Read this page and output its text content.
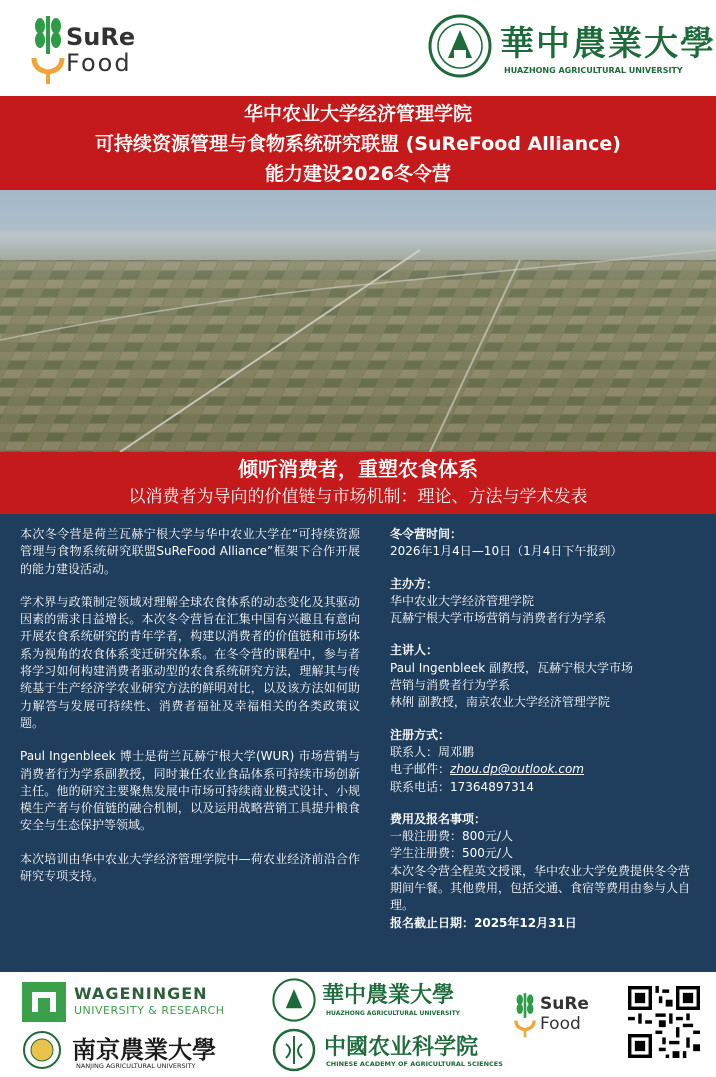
SuRe
Food	華中農業大學
HUAZHONG AGRICULTURAL UNIVERSITY
华中农业大学经济管理学院
可持续资源管理与食物系统研究联盟 (SuReFood Alliance)
能力建设2026冬令营
倾听消费者，重塑农食体系
以消费者为导向的价值链与市场机制：理论、方法与学术发表

本次冬令营是荷兰瓦赫宁根大学与华中农业大学在“可持续资源管理与食物系统研究联盟SuReFood Alliance”框架下合作开展的能力建设活动。

学术界与政策制定领域对理解全球农食体系的动态变化及其驱动因素的需求日益增长。本次冬令营旨在汇集中国有兴趣且有意向开展农食系统研究的青年学者，构建以消费者的价值链和市场体系为视角的农食体系变迁研究体系。在冬令营的课程中，参与者将学习如何构建消费者驱动型的农食系统研究方法，理解其与传统基于生产经济学农业研究方法的鲜明对比，以及该方法如何助力解答与发展可持续性、消费者福祉及幸福相关的各类政策议题。

Paul Ingenbleek 博士是荷兰瓦赫宁根大学(WUR) 市场营销与消费者行为学系副教授，同时兼任农业食品体系可持续市场创新主任。他的研究主要聚焦发展中市场可持续商业模式设计、小规模生产者与价值链的融合机制，以及运用战略营销工具提升粮食安全与生态保护等领域。

本次培训由华中农业大学经济管理学院中—荷农业经济前沿合作研究专项支持。

冬令营时间：
2026年1月4日—10日（1月4日下午报到）
主办方：
华中农业大学经济管理学院
瓦赫宁根大学市场营销与消费者行为学系
主讲人：
Paul Ingenbleek 副教授，瓦赫宁根大学市场
营销与消费者行为学系
林俐 副教授，南京农业大学经济管理学院
注册方式：
联系人：周邓鹏
电子邮件：zhou.dp@outlook.com
联系电话：17364897314
费用及报名事项：
一般注册费：800元/人
学生注册费：500元/人
本次冬令营全程英文授课，华中农业大学免费提供冬令营期间午餐。其他费用，包括交通、食宿等费用由参与人自理。
报名截止日期：2025年12月31日
WAGENINGEN
UNIVERSITY & RESEARCH
南京農業大學
NANJING AGRICULTURAL UNIVERSITY
華中農業大學
HUAZHONG AGRICULTURAL UNIVERSITY
中國农业科学院
CHINESE ACADEMY OF AGRICULTURAL SCIENCES
SuRe
Food
